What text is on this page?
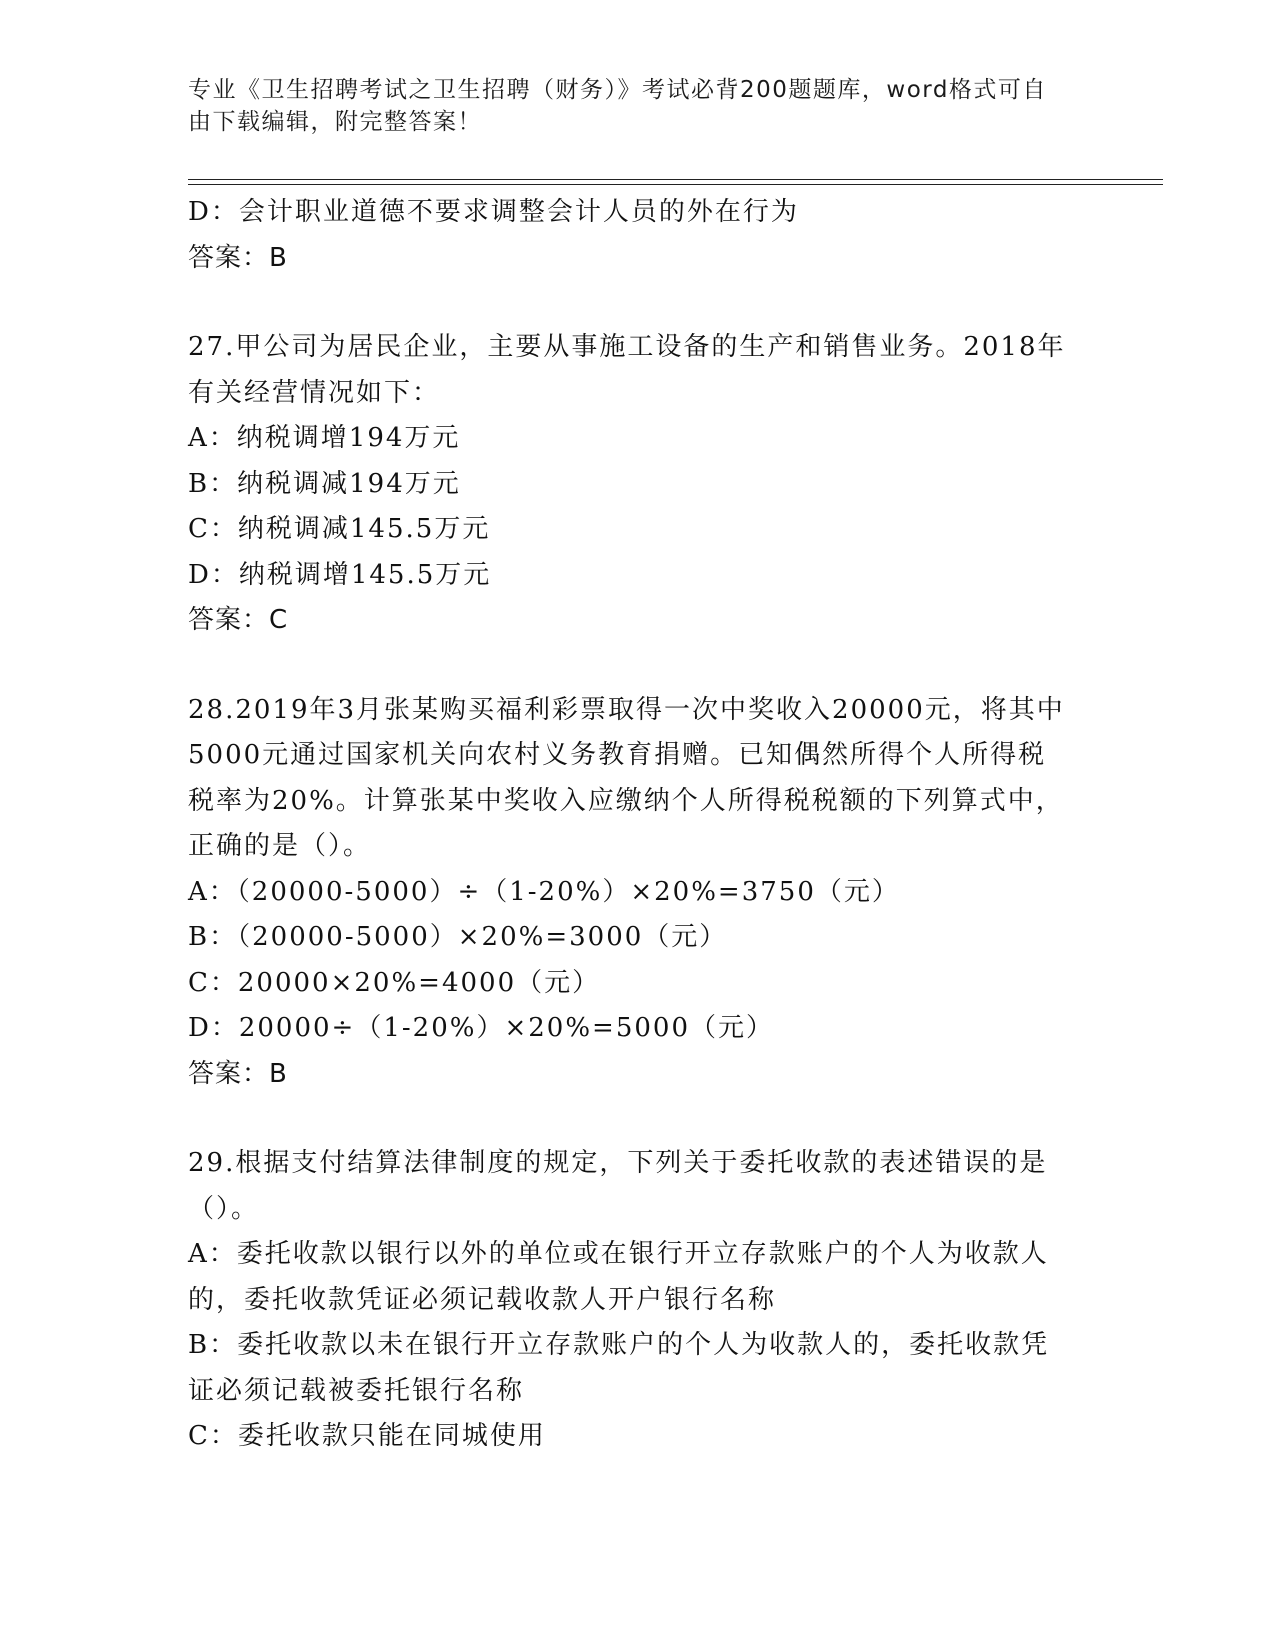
专业《卫生招聘考试之卫生招聘（财务）》考试必背200题题库，word格式可自由下载编辑，附完整答案！

D：会计职业道德不要求调整会计人员的外在行为

答案：B

27.甲公司为居民企业，主要从事施工设备的生产和销售业务。2018年

有关经营情况如下：

A：纳税调增194万元

B：纳税调减194万元

C：纳税调减145.5万元

D：纳税调增145.5万元

答案：C

28.2019年3月张某购买福利彩票取得一次中奖收入20000元，将其中

5000元通过国家机关向农村义务教育捐赠。已知偶然所得个人所得税

税率为20%。计算张某中奖收入应缴纳个人所得税税额的下列算式中，

正确的是（）。

A：（20000-5000）÷（1-20%）×20%=3750（元）

B：（20000-5000）×20%=3000（元）

C：20000×20%=4000（元）

D：20000÷（1-20%）×20%=5000（元）

答案：B

29.根据支付结算法律制度的规定，下列关于委托收款的表述错误的是

（）。

A：委托收款以银行以外的单位或在银行开立存款账户的个人为收款人

的，委托收款凭证必须记载收款人开户银行名称

B：委托收款以未在银行开立存款账户的个人为收款人的，委托收款凭

证必须记载被委托银行名称

C：委托收款只能在同城使用
